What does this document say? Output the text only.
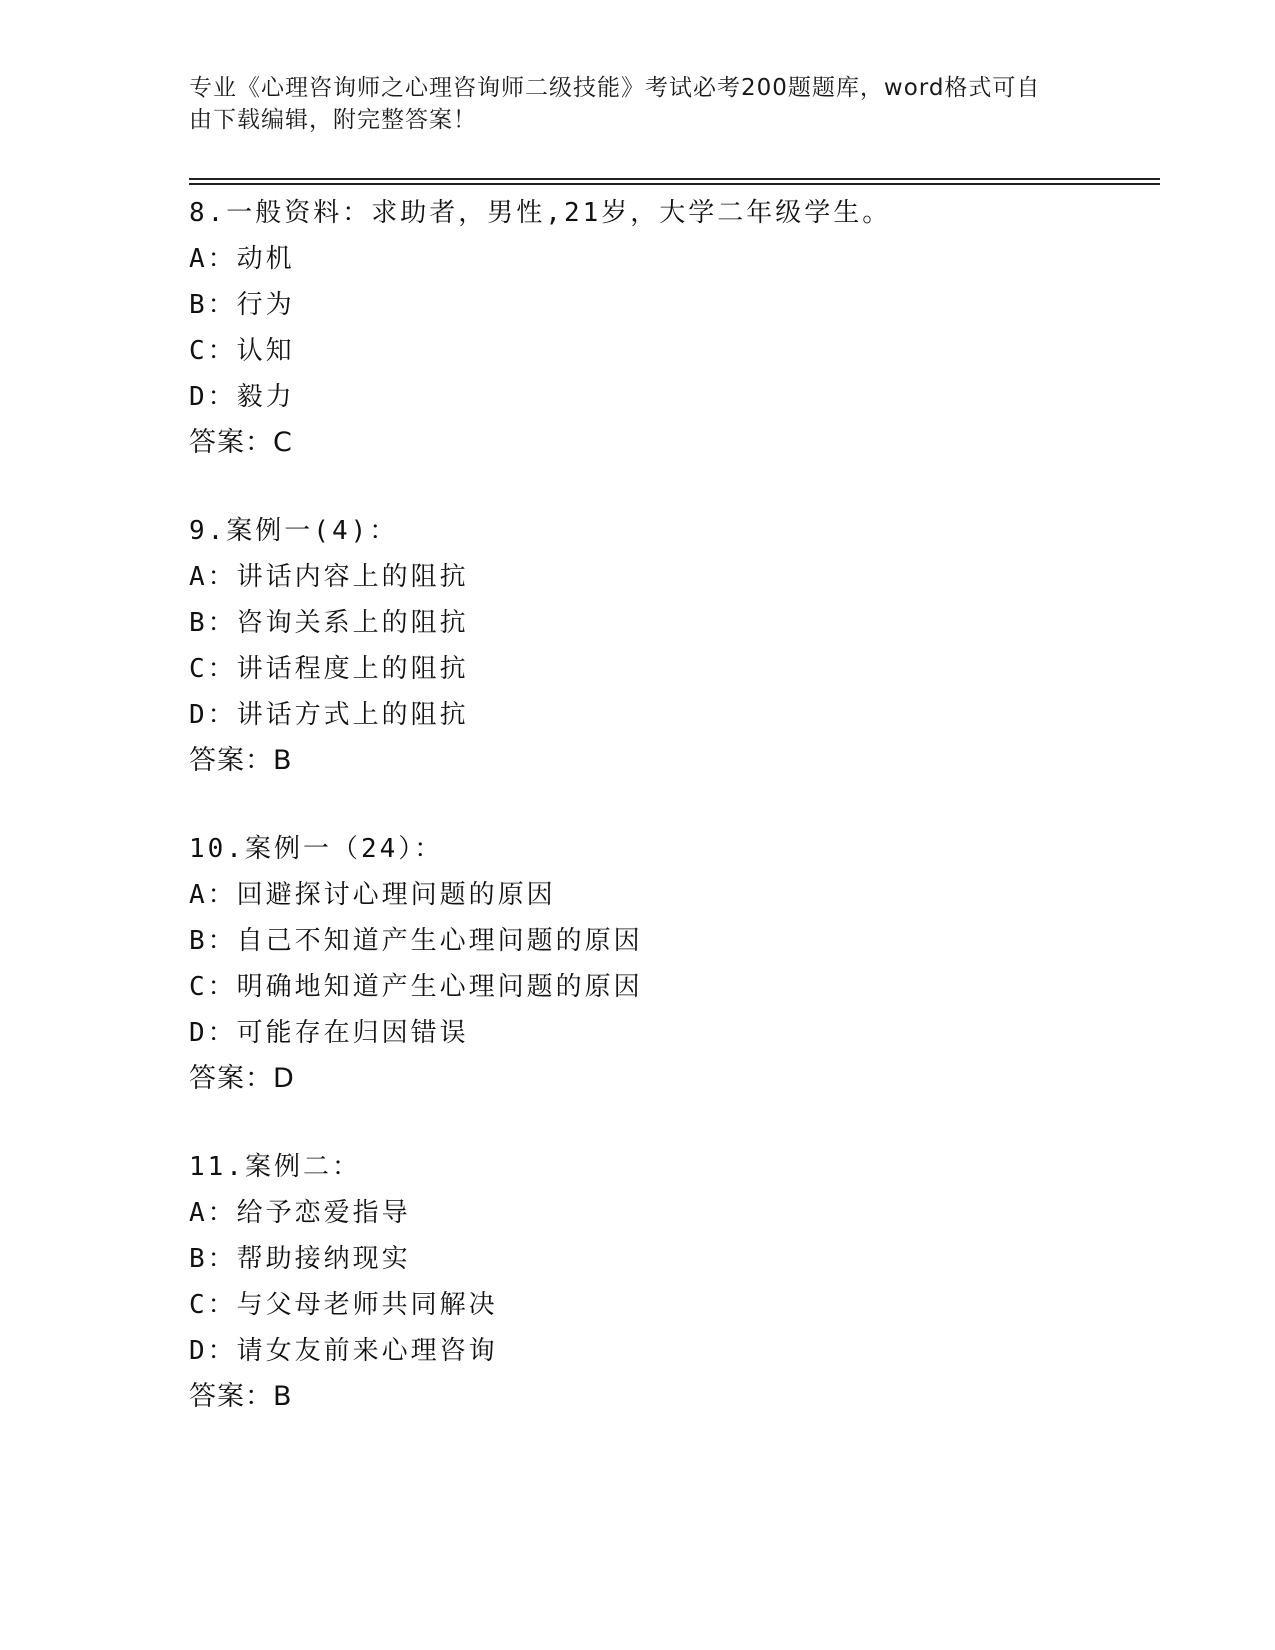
专业《心理咨询师之心理咨询师二级技能》考试必考200题题库，word格式可自
由下载编辑，附完整答案！
8.一般资料：求助者，男性,21岁，大学二年级学生。
A：动机
B：行为
C：认知
D：毅力
答案：C
9.案例一(4)：
A：讲话内容上的阻抗
B：咨询关系上的阻抗
C：讲话程度上的阻抗
D：讲话方式上的阻抗
答案：B
10.案例一（24）：
A：回避探讨心理问题的原因
B：自己不知道产生心理问题的原因
C：明确地知道产生心理问题的原因
D：可能存在归因错误
答案：D
11.案例二：
A：给予恋爱指导
B：帮助接纳现实
C：与父母老师共同解决
D：请女友前来心理咨询
答案：B
